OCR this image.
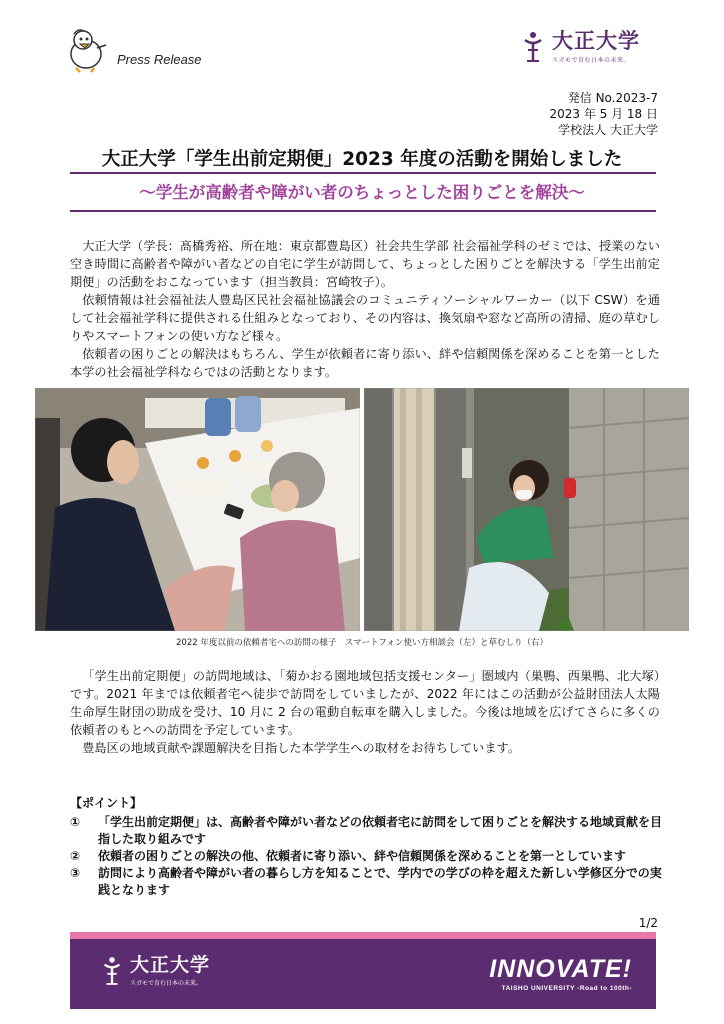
Press Release
大正大学
スガモで育む日本の未来。
発信 No.2023-7
2023 年 5 月 18 日
学校法人 大正大学
大正大学「学生出前定期便」2023 年度の活動を開始しました
～学生が高齢者や障がい者のちょっとした困りごとを解決～

大正大学（学長：髙橋秀裕、所在地：東京都豊島区）社会共生学部 社会福祉学科のゼミでは、授業のない空き時間に高齢者や障がい者などの自宅に学生が訪問して、ちょっとした困りごとを解決する「学生出前定期便」の活動をおこなっています（担当教員：宮崎牧子）。

依頼情報は社会福祉法人豊島区民社会福祉協議会のコミュニティソーシャルワーカー（以下 CSW）を通して社会福祉学科に提供される仕組みとなっており、その内容は、換気扇や窓など高所の清掃、庭の草むしりやスマートフォンの使い方など様々。

依頼者の困りごとの解決はもちろん、学生が依頼者に寄り添い、絆や信頼関係を深めることを第一とした本学の社会福祉学科ならではの活動となります。

2022 年度以前の依頼者宅への訪問の様子　スマートフォン使い方相談会（左）と草むしり（右）

「学生出前定期便」の訪問地域は、「菊かおる園地域包括支援センター」圏域内（巣鴨、西巣鴨、北大塚）です。2021 年までは依頼者宅へ徒歩で訪問をしていましたが、2022 年にはこの活動が公益財団法人太陽生命厚生財団の助成を受け、10 月に 2 台の電動自転車を購入しました。今後は地域を広げてさらに多くの依頼者のもとへの訪問を予定しています。

豊島区の地域貢献や課題解決を目指した本学学生への取材をお待ちしています。

【ポイント】
①	「学生出前定期便」は、高齢者や障がい者などの依頼者宅に訪問をして困りごとを解決する地域貢献を目指した取り組みです
②	依頼者の困りごとの解決の他、依頼者に寄り添い、絆や信頼関係を深めることを第一としています
③	訪問により高齢者や障がい者の暮らし方を知ることで、学内での学びの枠を超えた新しい学修区分での実践となります
1/2
大正大学
スガモで育む日本の未来。	INNOVATE!
TAISHO UNIVERSITY -Road to 100th-
